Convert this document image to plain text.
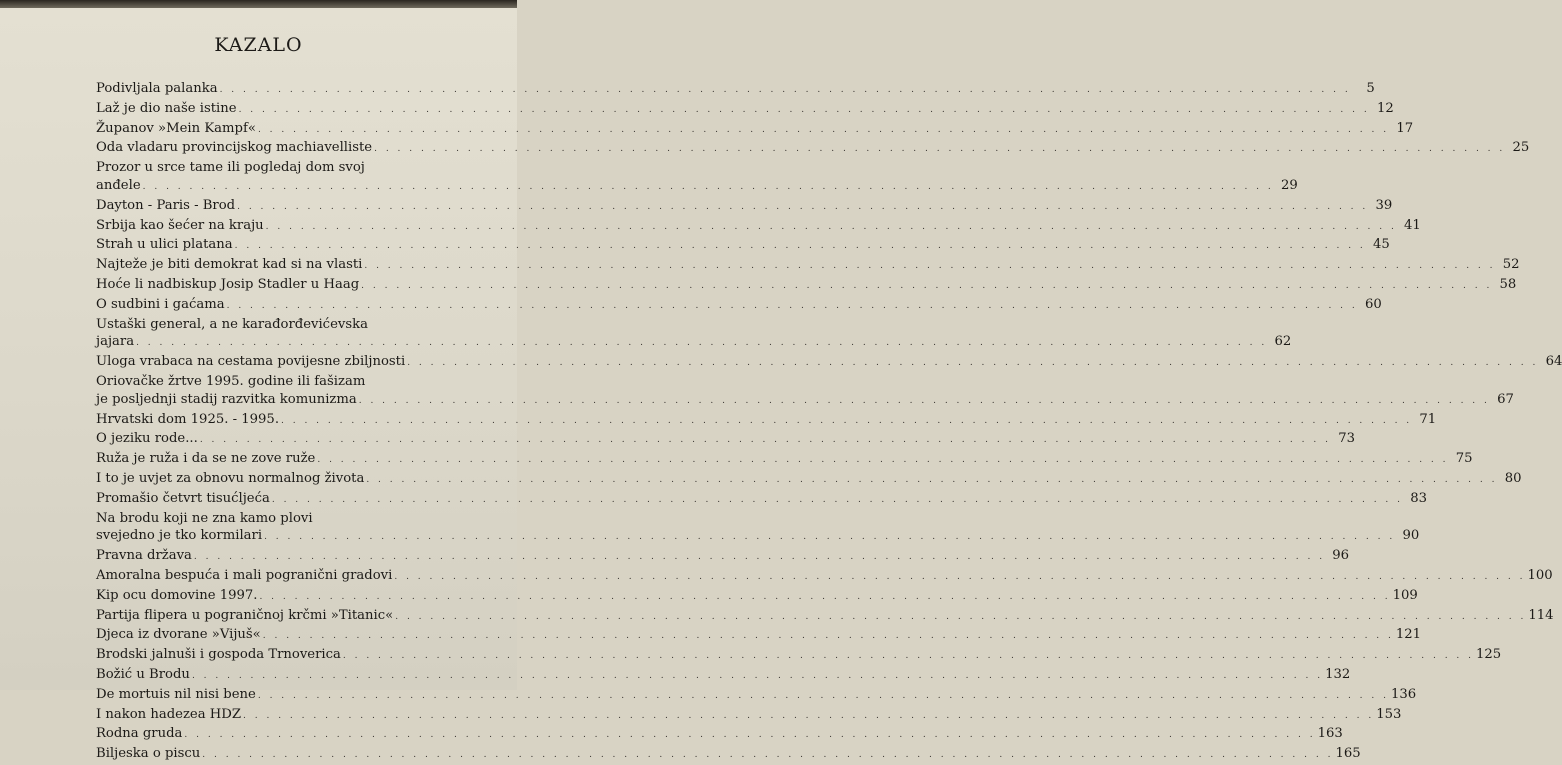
KAZALO
Podivljala palanka . . .	5
Laž je dio naše istine . . .	12
Županov »Mein Kampf« . . .	17
Oda vladaru provincijskog machiavelliste . . .	25
Prozor u srce tame ili pogledaj dom svoj
anđele . . .	29
Dayton - Paris - Brod . . .	39
Srbija kao šećer na kraju . . .	41
Strah u ulici platana . . .	45
Najteže je biti demokrat kad si na vlasti . . .	52
Hoće li nadbiskup Josip Stadler u Haag . . .	58
O sudbini i gaćama . . .	60
Ustaški general, a ne karađorđevićevska
jajara . . .	62
Uloga vrabaca na cestama povijesne zbiljnosti . . .	64
Oriovačke žrtve 1995. godine ili fašizam
je posljednji stadij razvitka komunizma . . .	67
Hrvatski dom 1925. - 1995. . . .	71
O jeziku rode... . . .	73
Ruža je ruža i da se ne zove ruže . . .	75
I to je uvjet za obnovu normalnog života . . .	80
Promašio četvrt tisućljeća . . .	83
Na brodu koji ne zna kamo plovi
svejedno je tko kormilari . . .	90
Pravna država . . .	96
Amoralna bespuća i mali pogranični gradovi . . .	100
Kip ocu domovine 1997. . . .	109
Partija flipera u pograničnoj krčmi »Titanic« . . .	114
Djeca iz dvorane »Vijuš« . . .	121
Brodski jalnuši i gospoda Trnoverica . . .	125
Božić u Brodu . . .	132
De mortuis nil nisi bene . . .	136
I nakon hadezea HDZ . . .	153
Rodna gruda . . .	163
Biljeska o piscu . . .	165
